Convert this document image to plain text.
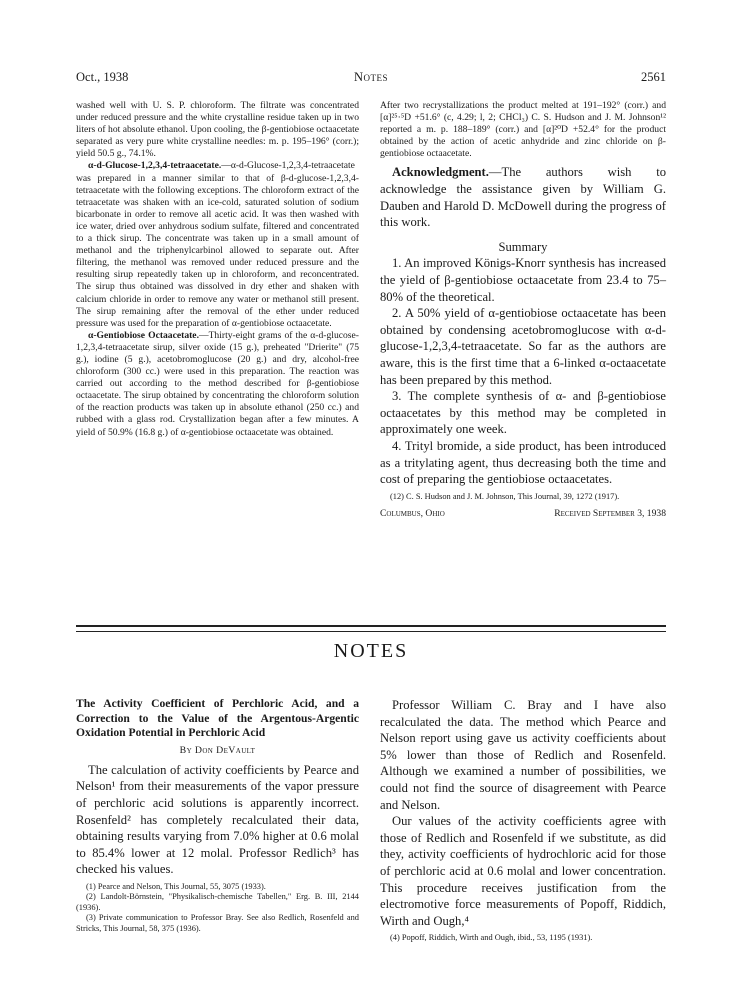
Oct., 1938	Notes	2561

washed well with U. S. P. chloroform. The filtrate was concentrated under reduced pressure and the white crystalline residue taken up in two liters of hot absolute ethanol. Upon cooling, the β-gentiobiose octaacetate separated as very pure white crystalline needles: m. p. 195–196° (corr.); yield 50.5 g., 74.1%.

α-d-Glucose-1,2,3,4-tetraacetate.—α-d-Glucose-1,2,3,4-tetraacetate was prepared in a manner similar to that of β-d-glucose-1,2,3,4-tetraacetate with the following exceptions. The chloroform extract of the tetraacetate was shaken with an ice-cold, saturated solution of sodium bicarbonate in order to remove all acetic acid. It was then washed with ice water, dried over anhydrous sodium sulfate, filtered and concentrated to a thick sirup. The concentrate was taken up in a small amount of methanol and the triphenylcarbinol allowed to separate out. After filtering, the methanol was removed under reduced pressure and the resulting sirup repeatedly taken up in chloroform, and reconcentrated. The sirup thus obtained was dissolved in dry ether and shaken with calcium chloride in order to remove any water or methanol still present. The sirup remaining after the removal of the ether under reduced pressure was used for the preparation of α-gentiobiose octaacetate.

α-Gentiobiose Octaacetate.—Thirty-eight grams of the α-d-glucose-1,2,3,4-tetraacetate sirup, silver oxide (15 g.), preheated "Drierite" (75 g.), iodine (5 g.), acetobromoglucose (20 g.) and dry, alcohol-free chloroform (300 cc.) were used in this preparation. The reaction was carried out according to the method described for β-gentiobiose octaacetate. The sirup obtained by concentrating the chloroform solution of the reaction products was taken up in absolute ethanol (250 cc.) and rubbed with a glass rod. Crystallization began after a few minutes. A yield of 50.9% (16.8 g.) of α-gentiobiose octaacetate was obtained.

After two recrystallizations the product melted at 191–192° (corr.) and [α]²⁵·⁵D +51.6° (c, 4.29; l, 2; CHCl₃) C. S. Hudson and J. M. Johnson¹² reported a m. p. 188–189° (corr.) and [α]²⁰D +52.4° for the product obtained by the action of acetic anhydride and zinc chloride on β-gentiobiose octaacetate.

Acknowledgment.—The authors wish to acknowledge the assistance given by William G. Dauben and Harold D. McDowell during the progress of this work.

Summary

1. An improved Königs-Knorr synthesis has increased the yield of β-gentiobiose octaacetate from 23.4 to 75–80% of the theoretical.

2. A 50% yield of α-gentiobiose octaacetate has been obtained by condensing acetobromoglucose with α-d-glucose-1,2,3,4-tetraacetate. So far as the authors are aware, this is the first time that a 6-linked α-octaacetate has been prepared by this method.

3. The complete synthesis of α- and β-gentiobiose octaacetates by this method may be completed in approximately one week.

4. Trityl bromide, a side product, has been introduced as a tritylating agent, thus decreasing both the time and cost of preparing the gentiobiose octaacetates.

(12) C. S. Hudson and J. M. Johnson, This Journal, 39, 1272 (1917).

Columbus, Ohio	Received September 3, 1938
NOTES
The Activity Coefficient of Perchloric Acid, and a Correction to the Value of the Argentous-Argentic Oxidation Potential in Perchloric Acid
By Don DeVault

The calculation of activity coefficients by Pearce and Nelson¹ from their measurements of the vapor pressure of perchloric acid solutions is apparently incorrect. Rosenfeld² has completely recalculated their data, obtaining results varying from 7.0% higher at 0.6 molal to 85.4% lower at 12 molal. Professor Redlich³ has checked his values.

(1) Pearce and Nelson, This Journal, 55, 3075 (1933).

(2) Landolt-Börnstein, "Physikalisch-chemische Tabellen," Erg. B. III, 2144 (1936).

(3) Private communication to Professor Bray. See also Redlich, Rosenfeld and Stricks, This Journal, 58, 375 (1936).

Professor William C. Bray and I have also recalculated the data. The method which Pearce and Nelson report using gave us activity coefficients about 5% lower than those of Redlich and Rosenfeld. Although we examined a number of possibilities, we could not find the source of disagreement with Pearce and Nelson.

Our values of the activity coefficients agree with those of Redlich and Rosenfeld if we substitute, as did they, activity coefficients of hydrochloric acid for those of perchloric acid at 0.6 molal and lower concentration. This procedure receives justification from the electromotive force measurements of Popoff, Riddich, Wirth and Ough,⁴

(4) Popoff, Riddich, Wirth and Ough, ibid., 53, 1195 (1931).
